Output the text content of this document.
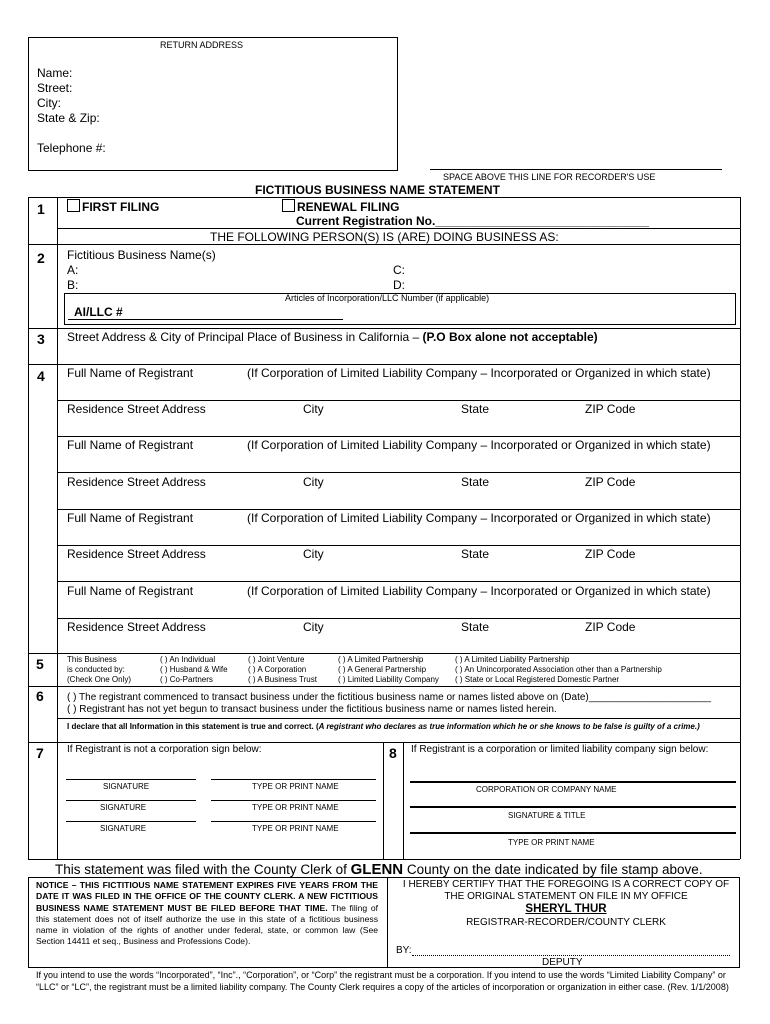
RETURN ADDRESS
Name:
Street:
City:
State & Zip:
Telephone #:
SPACE ABOVE THIS LINE FOR RECORDER'S USE
FICTITIOUS BUSINESS NAME STATEMENT
1	FIRST FILING	RENEWAL FILING
Current Registration No.________________________________
THE FOLLOWING PERSON(S) IS (ARE) DOING BUSINESS AS:
2 Fictitious Business Name(s)
A:
B:
C:
D:
Articles of Incorporation/LLC Number (if applicable)
AI/LLC #
3 Street Address & City of Principal Place of Business in California – (P.O Box alone not acceptable)
4 Full Name of Registrant	(If Corporation of Limited Liability Company – Incorporated or Organized in which state)
Residence Street Address	City	State	ZIP Code
Full Name of Registrant	(If Corporation of Limited Liability Company – Incorporated or Organized in which state)
Residence Street Address	City	State	ZIP Code
Full Name of Registrant	(If Corporation of Limited Liability Company – Incorporated or Organized in which state)
Residence Street Address	City	State	ZIP Code
Full Name of Registrant	(If Corporation of Limited Liability Company – Incorporated or Organized in which state)
Residence Street Address	City	State	ZIP Code
5	This Business
is conducted by:
(Check One Only)
( ) An Individual
( ) Husband & Wife
( ) Co-Partners
( ) Joint Venture
( ) A Corporation
( ) A Business Trust
( ) A Limited Partnership
( ) A General Partnership
( ) Limited Liability Company
( ) A Limited Liability Partnership
( ) An Unincorporated Association other than a Partnership
( ) State or Local Registered Domestic Partner
6 ( ) The registrant commenced to transact business under the fictitious business name or names listed above on (Date)______________________
( ) Registrant has not yet begun to transact business under the fictitious business name or names listed herein.
I declare that all Information in this statement is true and correct. (A registrant who declares as true information which he or she knows to be false is guilty of a crime.)
7 If Registrant is not a corporation sign below:	8 If Registrant is a corporation or limited liability company sign below:
SIGNATURE	TYPE OR PRINT NAME
SIGNATURE	TYPE OR PRINT NAME
SIGNATURE	TYPE OR PRINT NAME
CORPORATION OR COMPANY NAME
SIGNATURE & TITLE
TYPE OR PRINT NAME
This statement was filed with the County Clerk of GLENN County on the date indicated by file stamp above.
NOTICE – THIS FICTITIOUS NAME STATEMENT EXPIRES FIVE YEARS FROM THE DATE IT WAS FILED IN THE OFFICE OF THE COUNTY CLERK. A NEW FICTITIOUS BUSINESS NAME STATEMENT MUST BE FILED BEFORE THAT TIME. The filing of this statement does not of itself authorize the use in this state of a fictitious business name in violation of the rights of another under federal, state, or common law (See Section 14411 et seq., Business and Professions Code).
I HEREBY CERTIFY THAT THE FOREGOING IS A CORRECT COPY OF
THE ORIGINAL STATEMENT ON FILE IN MY OFFICE
SHERYL THUR
REGISTRAR-RECORDER/COUNTY CLERK
BY:
DEPUTY
If you intend to use the words “Incorporated”, “Inc”., “Corporation”, or “Corp” the registrant must be a corporation. If you intend to use the words “Limited Liability Company” or “LLC” or “LC”, the registrant must be a limited liability company. The County Clerk requires a copy of the articles of incorporation or organization in either case. (Rev. 1/1/2008)
